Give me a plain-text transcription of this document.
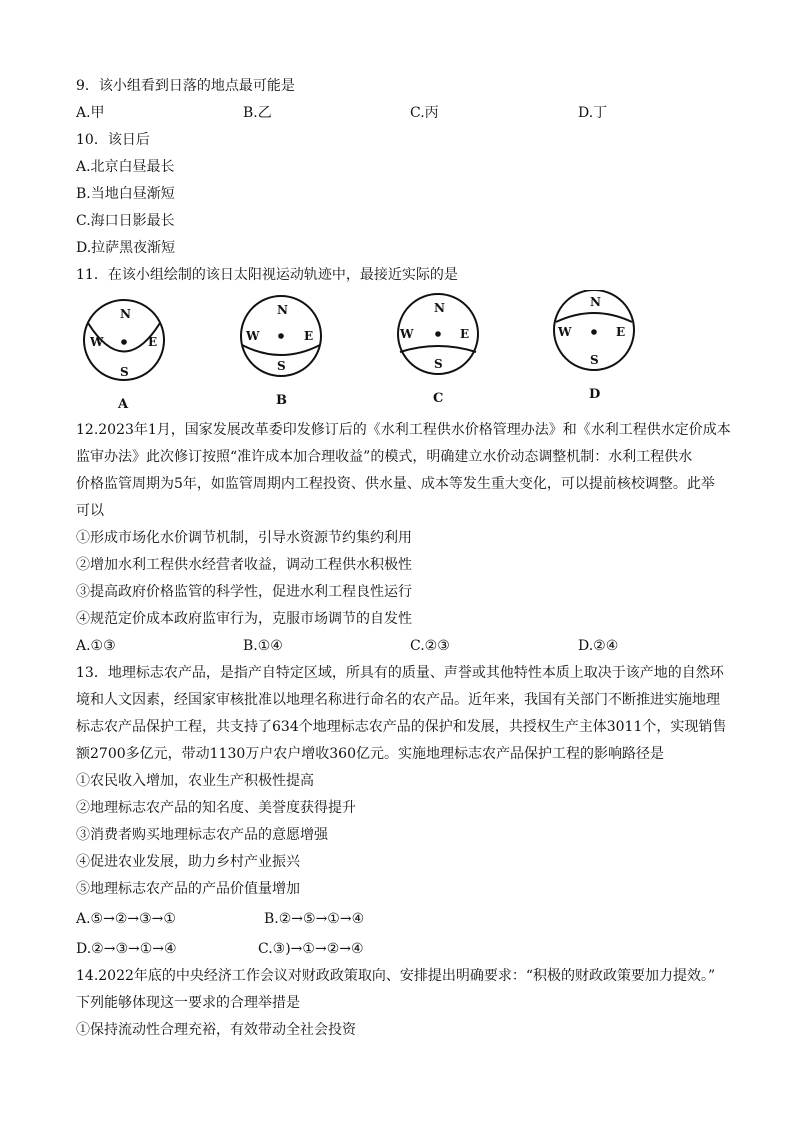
9．该小组看到日落的地点最可能是
A.甲	B.乙	C.丙	D.丁
10．该日后
A.北京白昼最长
B.当地白昼渐短
C.海口日影最长
D.拉萨黑夜渐短
11．在该小组绘制的该日太阳视运动轨迹中，最接近实际的是
N
W	E
S
A
N
W	E
S
B
N
W	E
S
C
N
W	E
S
D
12.2023年1月，国家发展改革委印发修订后的《水利工程供水价格管理办法》和《水利工程供水定价成本
监审办法》此次修订按照“准许成本加合理收益”的模式，明确建立水价动态调整机制：水利工程供水
价格监管周期为5年，如监管周期内工程投资、供水量、成本等发生重大变化，可以提前核校调整。此举
可以
①形成市场化水价调节机制，引导水资源节约集约利用
②增加水利工程供水经营者收益，调动工程供水积极性
③提高政府价格监管的科学性，促进水利工程良性运行
④规范定价成本政府监审行为，克服市场调节的自发性
A.①③	B.①④	C.②③	D.②④
13．地理标志农产品，是指产自特定区域，所具有的质量、声誉或其他特性本质上取决于该产地的自然环
境和人文因素，经国家审核批准以地理名称进行命名的农产品。近年来，我国有关部门不断推进实施地理
标志农产品保护工程，共支持了634个地理标志农产品的保护和发展，共授权生产主体3011个，实现销售
额2700多亿元，带动1130万户农户增收360亿元。实施地理标志农产品保护工程的影响路径是
①农民收入增加，农业生产积极性提高
②地理标志农产品的知名度、美誉度获得提升
③消费者购买地理标志农产品的意愿增强
④促进农业发展，助力乡村产业振兴
⑤地理标志农产品的产品价值量增加
A.⑤→②→③→①	B.②→⑤→①→④
D.②→③→①→④	C.③)→①→②→④
14.2022年底的中央经济工作会议对财政政策取向、安排提出明确要求：“积极的财政政策要加力提效。”
下列能够体现这一要求的合理举措是
①保持流动性合理充裕，有效带动全社会投资
